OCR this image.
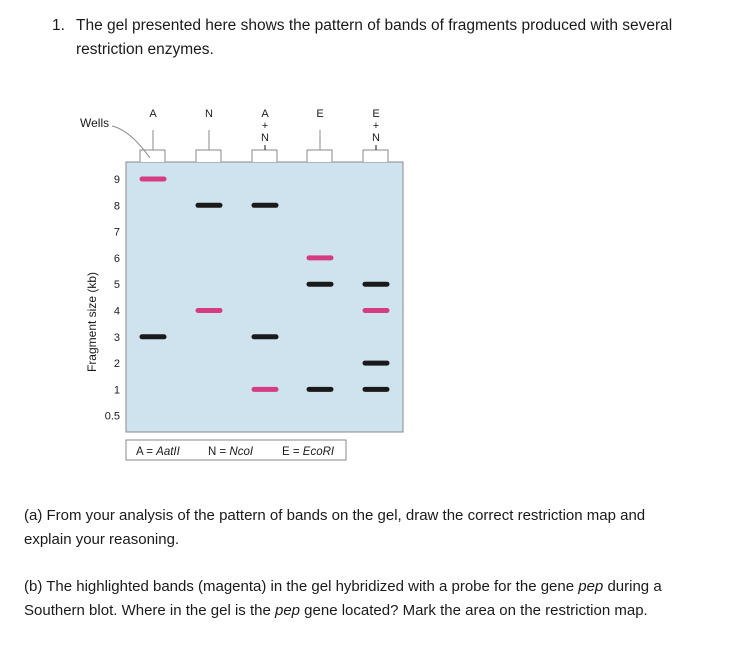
1. The gel presented here shows the pattern of bands of fragments produced with several
restriction enzymes.
Wells
Fragment size (kb)
9
8
7
6
5
4
3
2
1
0.5
A	N	A
+
N
E	E
+
N
A = AatII N = NcoI	E = EcoRI
(a) From your analysis of the pattern of bands on the gel, draw the correct restriction map and
explain your reasoning.
(b) The highlighted bands (magenta) in the gel hybridized with a probe for the gene pep during a
Southern blot. Where in the gel is the pep gene located? Mark the area on the restriction map.
